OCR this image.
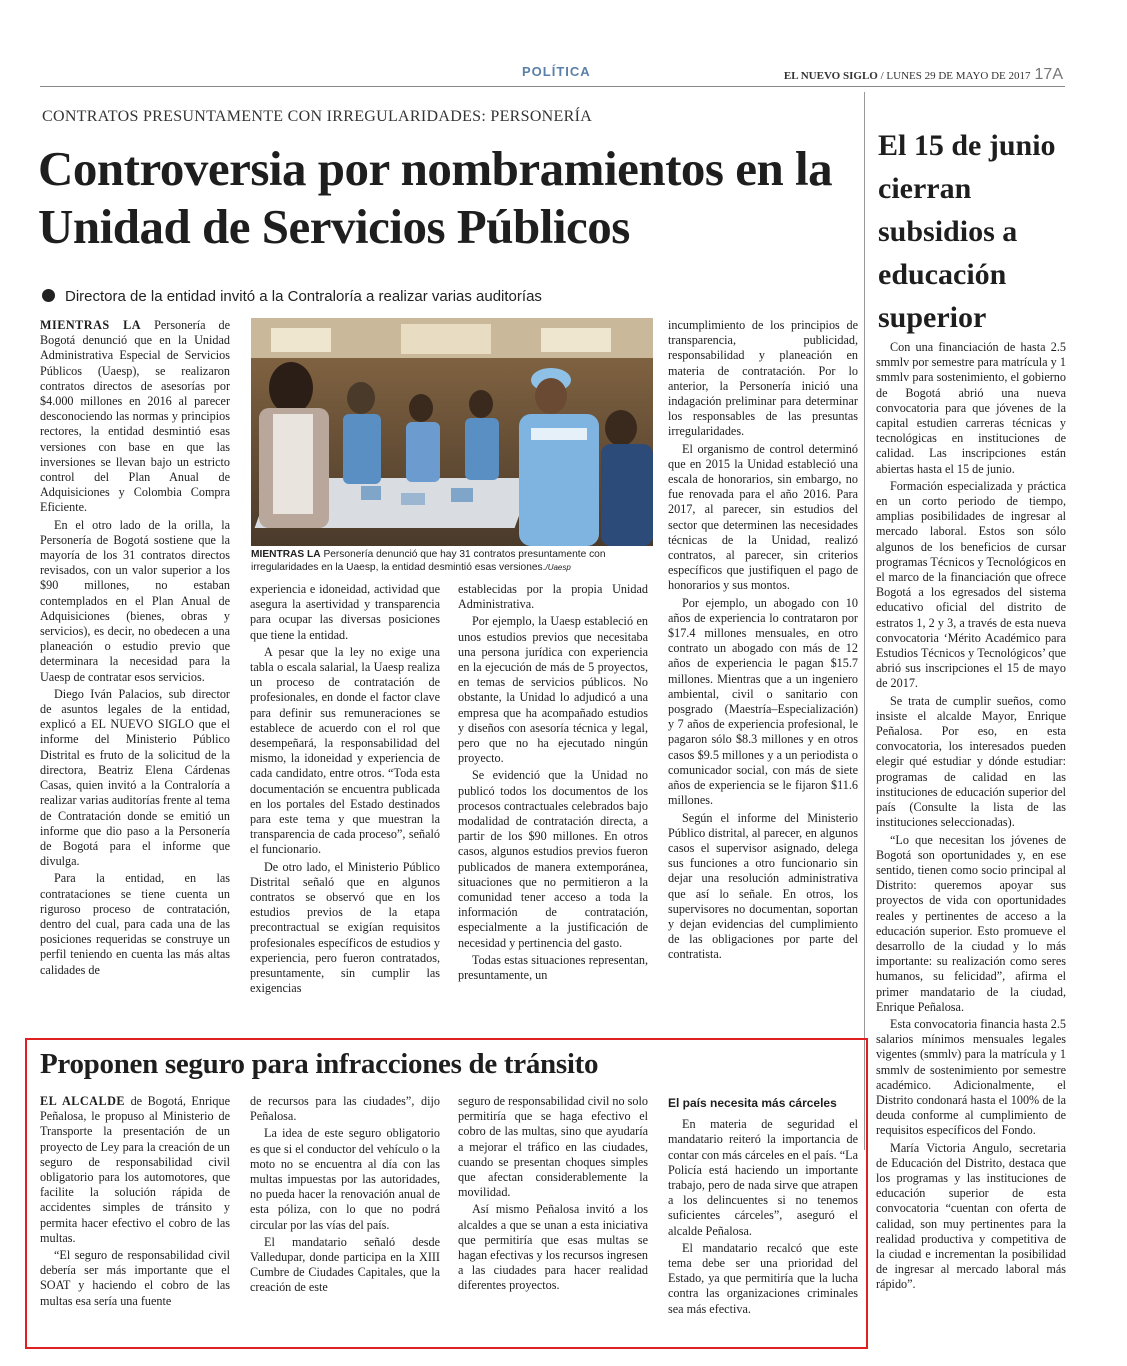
POLÍTICA	EL NUEVO SIGLO / LUNES 29 DE MAYO DE 2017 17A
CONTRATOS PRESUNTAMENTE CON IRREGULARIDADES: PERSONERÍA
Controversia por nombramientos en la Unidad de Servicios Públicos
Directora de la entidad invitó a la Contraloría a realizar varias auditorías

MIENTRAS LA Personería de Bogotá denunció que en la Unidad Administrativa Especial de Servicios Públicos (Uaesp), se realizaron contratos directos de asesorías por $4.000 millones en 2016 al parecer desconociendo las normas y principios rectores, la entidad desmintió esas versiones con base en que las inversiones se llevan bajo un estricto control del Plan Anual de Adquisiciones y Colombia Compra Eficiente.

En el otro lado de la orilla, la Personería de Bogotá sostiene que la mayoría de los 31 contratos directos revisados, con un valor superior a los $90 millones, no estaban contemplados en el Plan Anual de Adquisiciones (bienes, obras y servicios), es decir, no obedecen a una planeación o estudio previo que determinara la necesidad para la Uaesp de contratar esos servicios.

Diego Iván Palacios, sub director de asuntos legales de la entidad, explicó a EL NUEVO SIGLO que el informe del Ministerio Público Distrital es fruto de la solicitud de la directora, Beatriz Elena Cárdenas Casas, quien invitó a la Contraloría a realizar varias auditorías frente al tema de Contratación donde se emitió un informe que dio paso a la Personería de Bogotá para el informe que divulga.

Para la entidad, en las contrataciones se tiene cuenta un riguroso proceso de contratación, dentro del cual, para cada una de las posiciones requeridas se construye un perfil teniendo en cuenta las más altas calidades de

MIENTRAS LA Personería denunció que hay 31 contratos presuntamente con irregularidades en la Uaesp, la entidad desmintió esas versiones./Uaesp

experiencia e idoneidad, actividad que asegura la asertividad y transparencia para ocupar las diversas posiciones que tiene la entidad.

A pesar que la ley no exige una tabla o escala salarial, la Uaesp realiza un proceso de contratación de profesionales, en donde el factor clave para definir sus remuneraciones se establece de acuerdo con el rol que desempeñará, la responsabilidad del mismo, la idoneidad y experiencia de cada candidato, entre otros. “Toda esta documentación se encuentra publicada en los portales del Estado destinados para este tema y que muestran la transparencia de cada proceso”, señaló el funcionario.

De otro lado, el Ministerio Público Distrital señaló que en algunos contratos se observó que en los estudios previos de la etapa precontractual se exigían requisitos profesionales específicos de estudios y experiencia, pero fueron contratados, presuntamente, sin cumplir las exigencias

establecidas por la propia Unidad Administrativa.

Por ejemplo, la Uaesp estableció en unos estudios previos que necesitaba una persona jurídica con experiencia en la ejecución de más de 5 proyectos, en temas de servicios públicos. No obstante, la Unidad lo adjudicó a una empresa que ha acompañado estudios y diseños con asesoría técnica y legal, pero que no ha ejecutado ningún proyecto.

Se evidenció que la Unidad no publicó todos los documentos de los procesos contractuales celebrados bajo modalidad de contratación directa, a partir de los $90 millones. En otros casos, algunos estudios previos fueron publicados de manera extemporánea, situaciones que no permitieron a la comunidad tener acceso a toda la información de contratación, especialmente a la justificación de necesidad y pertinencia del gasto.

Todas estas situaciones representan, presuntamente, un

incumplimiento de los principios de transparencia, publicidad, responsabilidad y planeación en materia de contratación. Por lo anterior, la Personería inició una indagación preliminar para determinar los responsables de las presuntas irregularidades.

El organismo de control determinó que en 2015 la Unidad estableció una escala de honorarios, sin embargo, no fue renovada para el año 2016. Para 2017, al parecer, sin estudios del sector que determinen las necesidades técnicas de la Unidad, realizó contratos, al parecer, sin criterios específicos que justifiquen el pago de honorarios y sus montos.

Por ejemplo, un abogado con 10 años de experiencia lo contrataron por $17.4 millones mensuales, en otro contrato un abogado con más de 12 años de experiencia le pagan $15.7 millones. Mientras que a un ingeniero ambiental, civil o sanitario con posgrado (Maestría–Especialización) y 7 años de experiencia profesional, le pagaron sólo $8.3 millones y en otros casos $9.5 millones y a un periodista o comunicador social, con más de siete años de experiencia se le fijaron $11.6 millones.

Según el informe del Ministerio Público distrital, al parecer, en algunos casos el supervisor asignado, delega sus funciones a otro funcionario sin dejar una resolución administrativa que así lo señale. En otros, los supervisores no documentan, soportan y dejan evidencias del cumplimiento de las obligaciones por parte del contratista.

El 15 de junio cierran subsidios a educación superior

Con una financiación de hasta 2.5 smmlv por semestre para matrícula y 1 smmlv para sostenimiento, el gobierno de Bogotá abrió una nueva convocatoria para que jóvenes de la capital estudien carreras técnicas y tecnológicas en instituciones de calidad. Las inscripciones están abiertas hasta el 15 de junio.

Formación especializada y práctica en un corto periodo de tiempo, amplias posibilidades de ingresar al mercado laboral. Estos son sólo algunos de los beneficios de cursar programas Técnicos y Tecnológicos en el marco de la financiación que ofrece Bogotá a los egresados del sistema educativo oficial del distrito de estratos 1, 2 y 3, a través de esta nueva convocatoria ‘Mérito Académico para Estudios Técnicos y Tecnológicos’ que abrió sus inscripciones el 15 de mayo de 2017.

Se trata de cumplir sueños, como insiste el alcalde Mayor, Enrique Peñalosa. Por eso, en esta convocatoria, los interesados pueden elegir qué estudiar y dónde estudiar: programas de calidad en las instituciones de educación superior del país (Consulte la lista de las instituciones seleccionadas).

“Lo que necesitan los jóvenes de Bogotá son oportunidades y, en ese sentido, tienen como socio principal al Distrito: queremos apoyar sus proyectos de vida con oportunidades reales y pertinentes de acceso a la educación superior. Esto promueve el desarrollo de la ciudad y lo más importante: su realización como seres humanos, su felicidad”, afirma el primer mandatario de la ciudad, Enrique Peñalosa.

Esta convocatoria financia hasta 2.5 salarios mínimos mensuales legales vigentes (smmlv) para la matrícula y 1 smmlv de sostenimiento por semestre académico. Adicionalmente, el Distrito condonará hasta el 100% de la deuda conforme al cumplimiento de requisitos específicos del Fondo.

María Victoria Angulo, secretaria de Educación del Distrito, destaca que los programas y las instituciones de educación superior de esta convocatoria “cuentan con oferta de calidad, son muy pertinentes para la realidad productiva y competitiva de la ciudad e incrementan la posibilidad de ingresar al mercado laboral más rápido”.

Proponen seguro para infracciones de tránsito

EL ALCALDE de Bogotá, Enrique Peñalosa, le propuso al Ministerio de Transporte la presentación de un proyecto de Ley para la creación de un seguro de responsabilidad civil obligatorio para los automotores, que facilite la solución rápida de accidentes simples de tránsito y permita hacer efectivo el cobro de las multas.

“El seguro de responsabilidad civil debería ser más importante que el SOAT y haciendo el cobro de las multas esa sería una fuente

de recursos para las ciudades”, dijo Peñalosa.

La idea de este seguro obligatorio es que si el conductor del vehículo o la moto no se encuentra al día con las multas impuestas por las autoridades, no pueda hacer la renovación anual de esta póliza, con lo que no podrá circular por las vías del país.

El mandatario señaló desde Valledupar, donde participa en la XIII Cumbre de Ciudades Capitales, que la creación de este

seguro de responsabilidad civil no solo permitiría que se haga efectivo el cobro de las multas, sino que ayudaría a mejorar el tráfico en las ciudades, cuando se presentan choques simples que afectan considerablemente la movilidad.

Así mismo Peñalosa invitó a los alcaldes a que se unan a esta iniciativa que permitiría que esas multas se hagan efectivas y los recursos ingresen a las ciudades para hacer realidad diferentes proyectos.

El país necesita más cárceles

En materia de seguridad el mandatario reiteró la importancia de contar con más cárceles en el país. “La Policía está haciendo un importante trabajo, pero de nada sirve que atrapen a los delincuentes si no tenemos suficientes cárceles”, aseguró el alcalde Peñalosa.

El mandatario recalcó que este tema debe ser una prioridad del Estado, ya que permitiría que la lucha contra las organizaciones criminales sea más efectiva.
